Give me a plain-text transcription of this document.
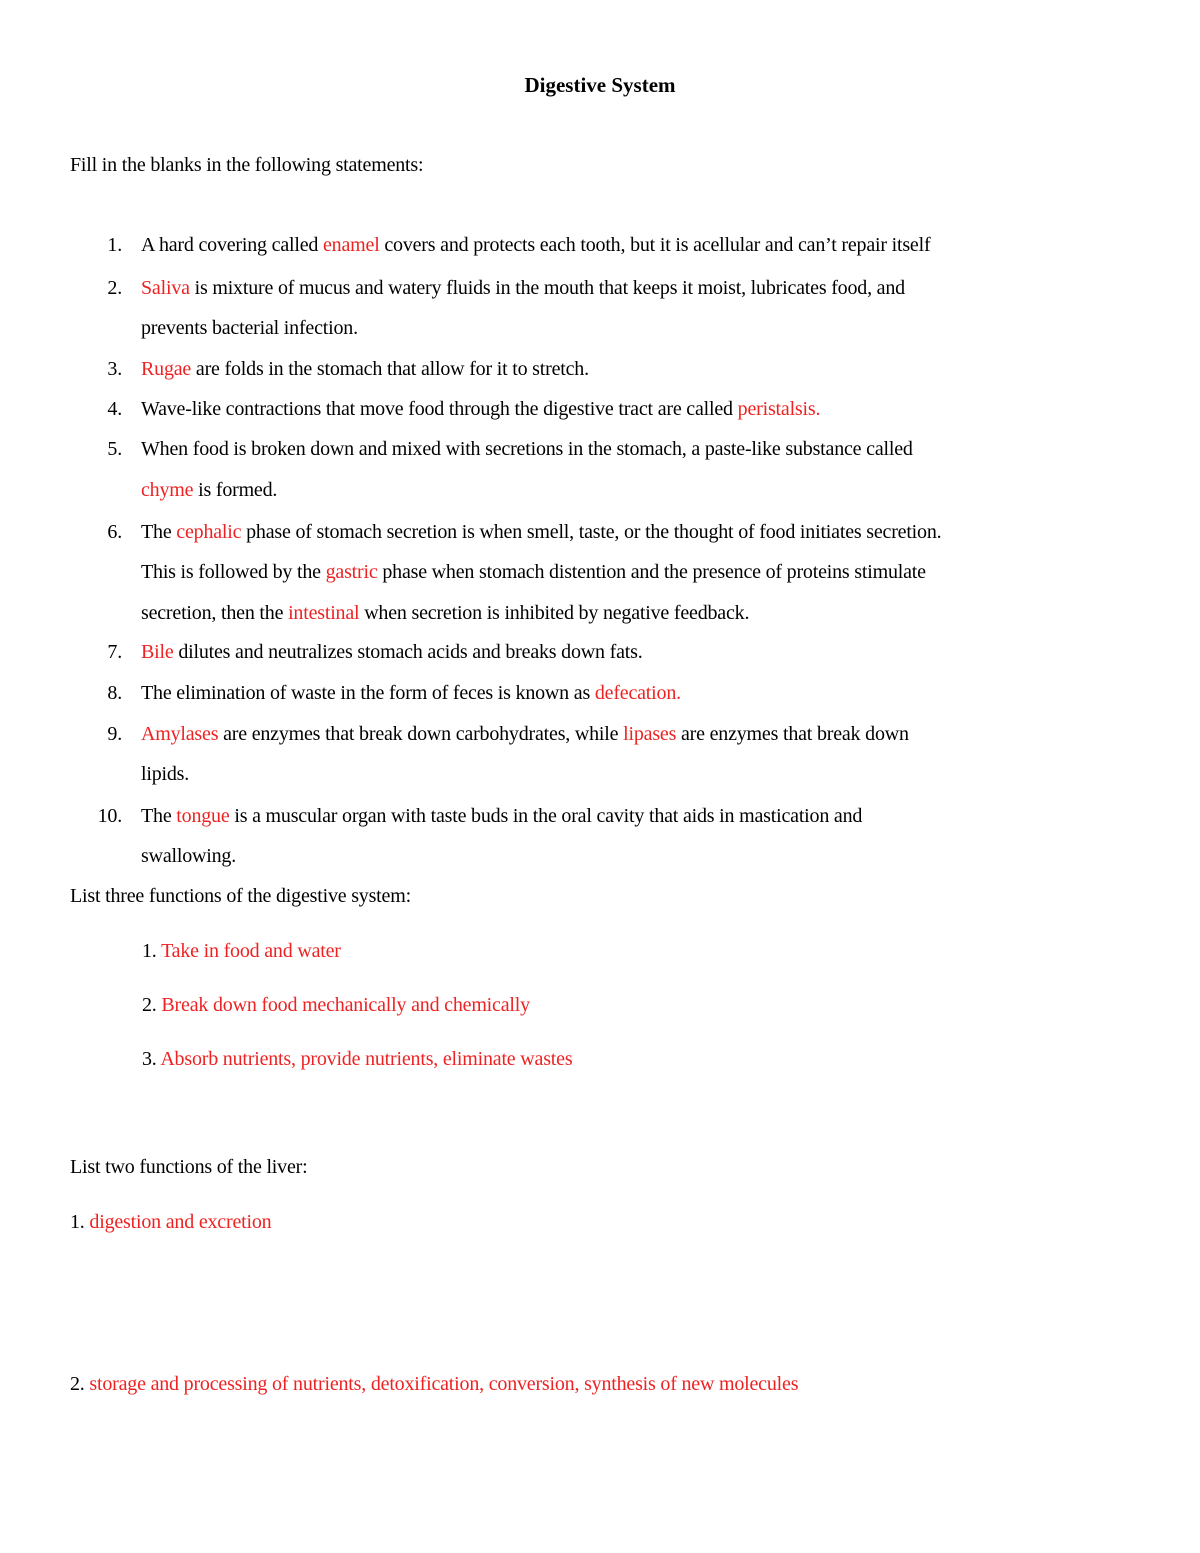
Digestive System
Fill in the blanks in the following statements:
1. A hard covering called enamel covers and protects each tooth, but it is acellular and can’t repair itself
2. Saliva is mixture of mucus and watery fluids in the mouth that keeps it moist, lubricates food, and
prevents bacterial infection.
3. Rugae are folds in the stomach that allow for it to stretch.
4. Wave-like contractions that move food through the digestive tract are called peristalsis.
5. When food is broken down and mixed with secretions in the stomach, a paste-like substance called
chyme is formed.
6. The cephalic phase of stomach secretion is when smell, taste, or the thought of food initiates secretion.
This is followed by the gastric phase when stomach distention and the presence of proteins stimulate
secretion, then the intestinal when secretion is inhibited by negative feedback.
7. Bile dilutes and neutralizes stomach acids and breaks down fats.
8. The elimination of waste in the form of feces is known as defecation.
9. Amylases are enzymes that break down carbohydrates, while lipases are enzymes that break down
lipids.
10. The tongue is a muscular organ with taste buds in the oral cavity that aids in mastication and
swallowing.
List three functions of the digestive system:
1. Take in food and water
2. Break down food mechanically and chemically
3. Absorb nutrients, provide nutrients, eliminate wastes
List two functions of the liver:
1. digestion and excretion
2. storage and processing of nutrients, detoxification, conversion, synthesis of new molecules
